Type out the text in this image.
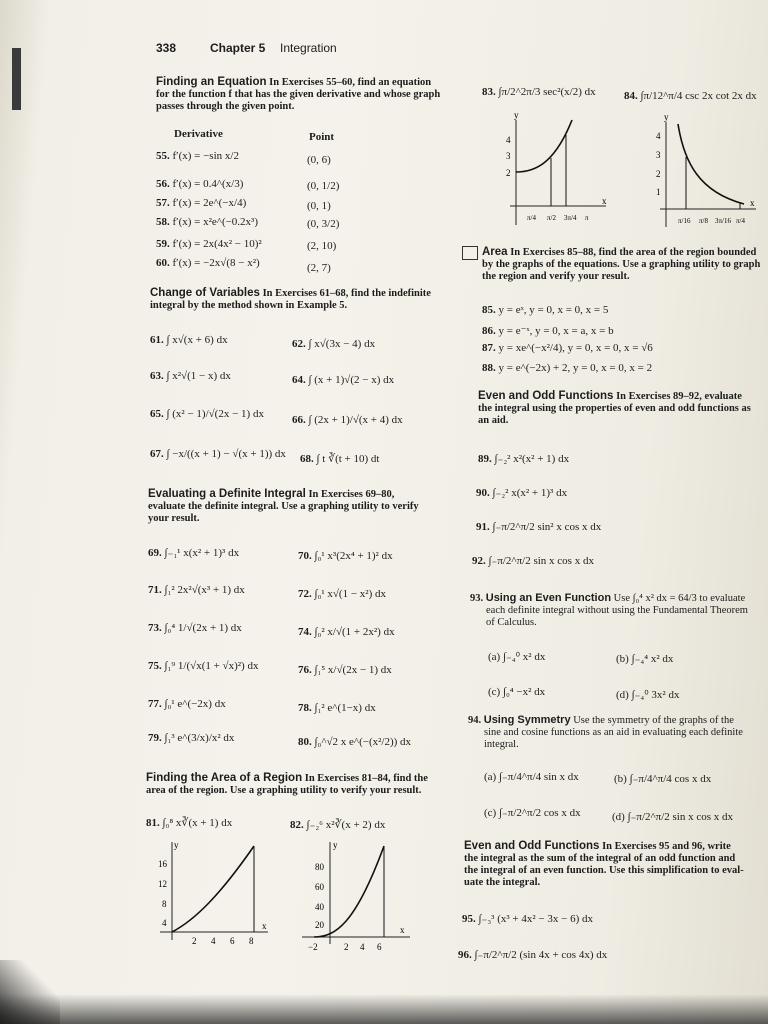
338	Chapter 5 Integration
Finding an Equation In Exercises 55–60, find an equation
for the function f that has the given derivative and whose graph
passes through the given point.
Derivative	Point
55. f′(x) = −sin x/2	(0, 6)
56. f′(x) = 0.4^(x/3)	(0, 1/2)
57. f′(x) = 2e^(−x/4)	(0, 1)
58. f′(x) = x²e^(−0.2x³)	(0, 3/2)
59. f′(x) = 2x(4x² − 10)²	(2, 10)
60. f′(x) = −2x√(8 − x²)	(2, 7)
Change of Variables In Exercises 61–68, find the indefinite
integral by the method shown in Example 5.
61. ∫ x√(x + 6) dx	62. ∫ x√(3x − 4) dx
63. ∫ x²√(1 − x) dx	64. ∫ (x + 1)√(2 − x) dx
65. ∫ (x² − 1)/√(2x − 1) dx	66. ∫ (2x + 1)/√(x + 4) dx
67. ∫ −x/((x + 1) − √(x + 1)) dx 68. ∫ t ∛(t + 10) dt
Evaluating a Definite Integral In Exercises 69–80,
evaluate the definite integral. Use a graphing utility to verify
your result.
69. ∫₋₁¹ x(x² + 1)³ dx	70. ∫₀¹ x³(2x⁴ + 1)² dx
71. ∫₁² 2x²√(x³ + 1) dx	72. ∫₀¹ x√(1 − x²) dx
73. ∫₀⁴ 1/√(2x + 1) dx	74. ∫₀² x/√(1 + 2x²) dx
75. ∫₁⁹ 1/(√x(1 + √x)²) dx	76. ∫₁⁵ x/√(2x − 1) dx
77. ∫₀¹ e^(−2x) dx	78. ∫₁² e^(1−x) dx
79. ∫₁³ e^(3/x)/x² dx	80. ∫₀^√2 x e^(−(x²/2)) dx
Finding the Area of a Region In Exercises 81–84, find the
area of the region. Use a graphing utility to verify your result.
81. ∫₀⁸ x∛(x + 1) dx	82. ∫₋₂⁶ x²∛(x + 2) dx
y
x
16
12
8
4
2 4 6 8
y
x
80
60
40
20
−2	2 4 6
83. ∫π/2^2π/3 sec²(x/2) dx	84. ∫π/12^π/4 csc 2x cot 2x dx
y
x
4
3
2
π/4 π/2 3π/4 π
y
x
4
3
2
1
π/16 π/8 3π/16 π/4
Area In Exercises 85–88, find the area of the region bounded
by the graphs of the equations. Use a graphing utility to graph
the region and verify your result.
85. y = eˣ, y = 0, x = 0, x = 5
86. y = e⁻ˣ, y = 0, x = a, x = b
87. y = xe^(−x²/4), y = 0, x = 0, x = √6
88. y = e^(−2x) + 2, y = 0, x = 0, x = 2
Even and Odd Functions In Exercises 89–92, evaluate
the integral using the properties of even and odd functions as
an aid.
89. ∫₋₂² x²(x² + 1) dx
90. ∫₋₂² x(x² + 1)³ dx
91. ∫₋π/2^π/2 sin² x cos x dx
92. ∫₋π/2^π/2 sin x cos x dx
93. Using an Even Function Use ∫₀⁴ x² dx = 64/3 to evaluate
each definite integral without using the Fundamental Theorem
of Calculus.
(a) ∫₋₄⁰ x² dx	(b) ∫₋₄⁴ x² dx
(c) ∫₀⁴ −x² dx	(d) ∫₋₄⁰ 3x² dx
94. Using Symmetry Use the symmetry of the graphs of the
sine and cosine functions as an aid in evaluating each definite
integral.
(a) ∫₋π/4^π/4 sin x dx	(b) ∫₋π/4^π/4 cos x dx
(c) ∫₋π/2^π/2 cos x dx	(d) ∫₋π/2^π/2 sin x cos x dx
Even and Odd Functions In Exercises 95 and 96, write
the integral as the sum of the integral of an odd function and
the integral of an even function. Use this simplification to eval-
uate the integral.
95. ∫₋₃³ (x³ + 4x² − 3x − 6) dx
96. ∫₋π/2^π/2 (sin 4x + cos 4x) dx
